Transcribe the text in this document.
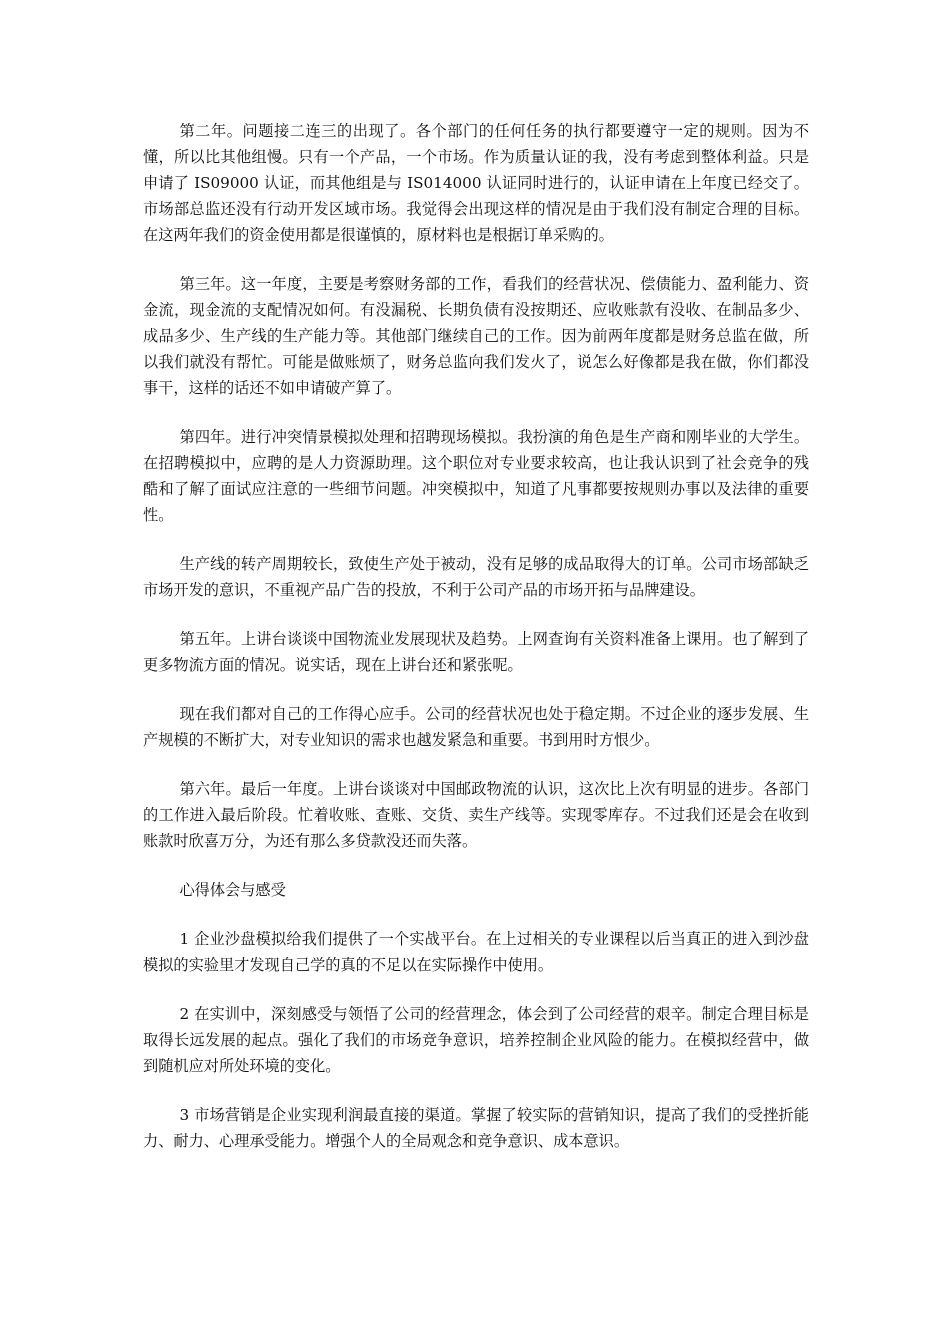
第二年。问题接二连三的出现了。各个部门的任何任务的执行都要遵守一定的规则。因为不懂，所以比其他组慢。只有一个产品，一个市场。作为质量认证的我，没有考虑到整体利益。只是申请了 IS09000 认证，而其他组是与 IS014000 认证同时进行的，认证申请在上年度已经交了。市场部总监还没有行动开发区域市场。我觉得会出现这样的情况是由于我们没有制定合理的目标。在这两年我们的资金使用都是很谨慎的，原材料也是根据订单采购的。

第三年。这一年度，主要是考察财务部的工作，看我们的经营状况、偿债能力、盈利能力、资金流，现金流的支配情况如何。有没漏税、长期负债有没按期还、应收账款有没收、在制品多少、成品多少、生产线的生产能力等。其他部门继续自己的工作。因为前两年度都是财务总监在做，所以我们就没有帮忙。可能是做账烦了，财务总监向我们发火了，说怎么好像都是我在做，你们都没事干，这样的话还不如申请破产算了。

第四年。进行冲突情景模拟处理和招聘现场模拟。我扮演的角色是生产商和刚毕业的大学生。在招聘模拟中，应聘的是人力资源助理。这个职位对专业要求较高，也让我认识到了社会竞争的残酷和了解了面试应注意的一些细节问题。冲突模拟中，知道了凡事都要按规则办事以及法律的重要性。

生产线的转产周期较长，致使生产处于被动，没有足够的成品取得大的订单。公司市场部缺乏市场开发的意识，不重视产品广告的投放，不利于公司产品的市场开拓与品牌建设。

第五年。上讲台谈谈中国物流业发展现状及趋势。上网查询有关资料准备上课用。也了解到了更多物流方面的情况。说实话，现在上讲台还和紧张呢。

现在我们都对自己的工作得心应手。公司的经营状况也处于稳定期。不过企业的逐步发展、生产规模的不断扩大，对专业知识的需求也越发紧急和重要。书到用时方恨少。

第六年。最后一年度。上讲台谈谈对中国邮政物流的认识，这次比上次有明显的进步。各部门的工作进入最后阶段。忙着收账、查账、交货、卖生产线等。实现零库存。不过我们还是会在收到账款时欣喜万分，为还有那么多贷款没还而失落。

心得体会与感受

1 企业沙盘模拟给我们提供了一个实战平台。在上过相关的专业课程以后当真正的进入到沙盘模拟的实验里才发现自己学的真的不足以在实际操作中使用。

2 在实训中，深刻感受与领悟了公司的经营理念，体会到了公司经营的艰辛。制定合理目标是取得长远发展的起点。强化了我们的市场竞争意识，培养控制企业风险的能力。在模拟经营中，做到随机应对所处环境的变化。

3 市场营销是企业实现利润最直接的渠道。掌握了较实际的营销知识，提高了我们的受挫折能力、耐力、心理承受能力。增强个人的全局观念和竞争意识、成本意识。
